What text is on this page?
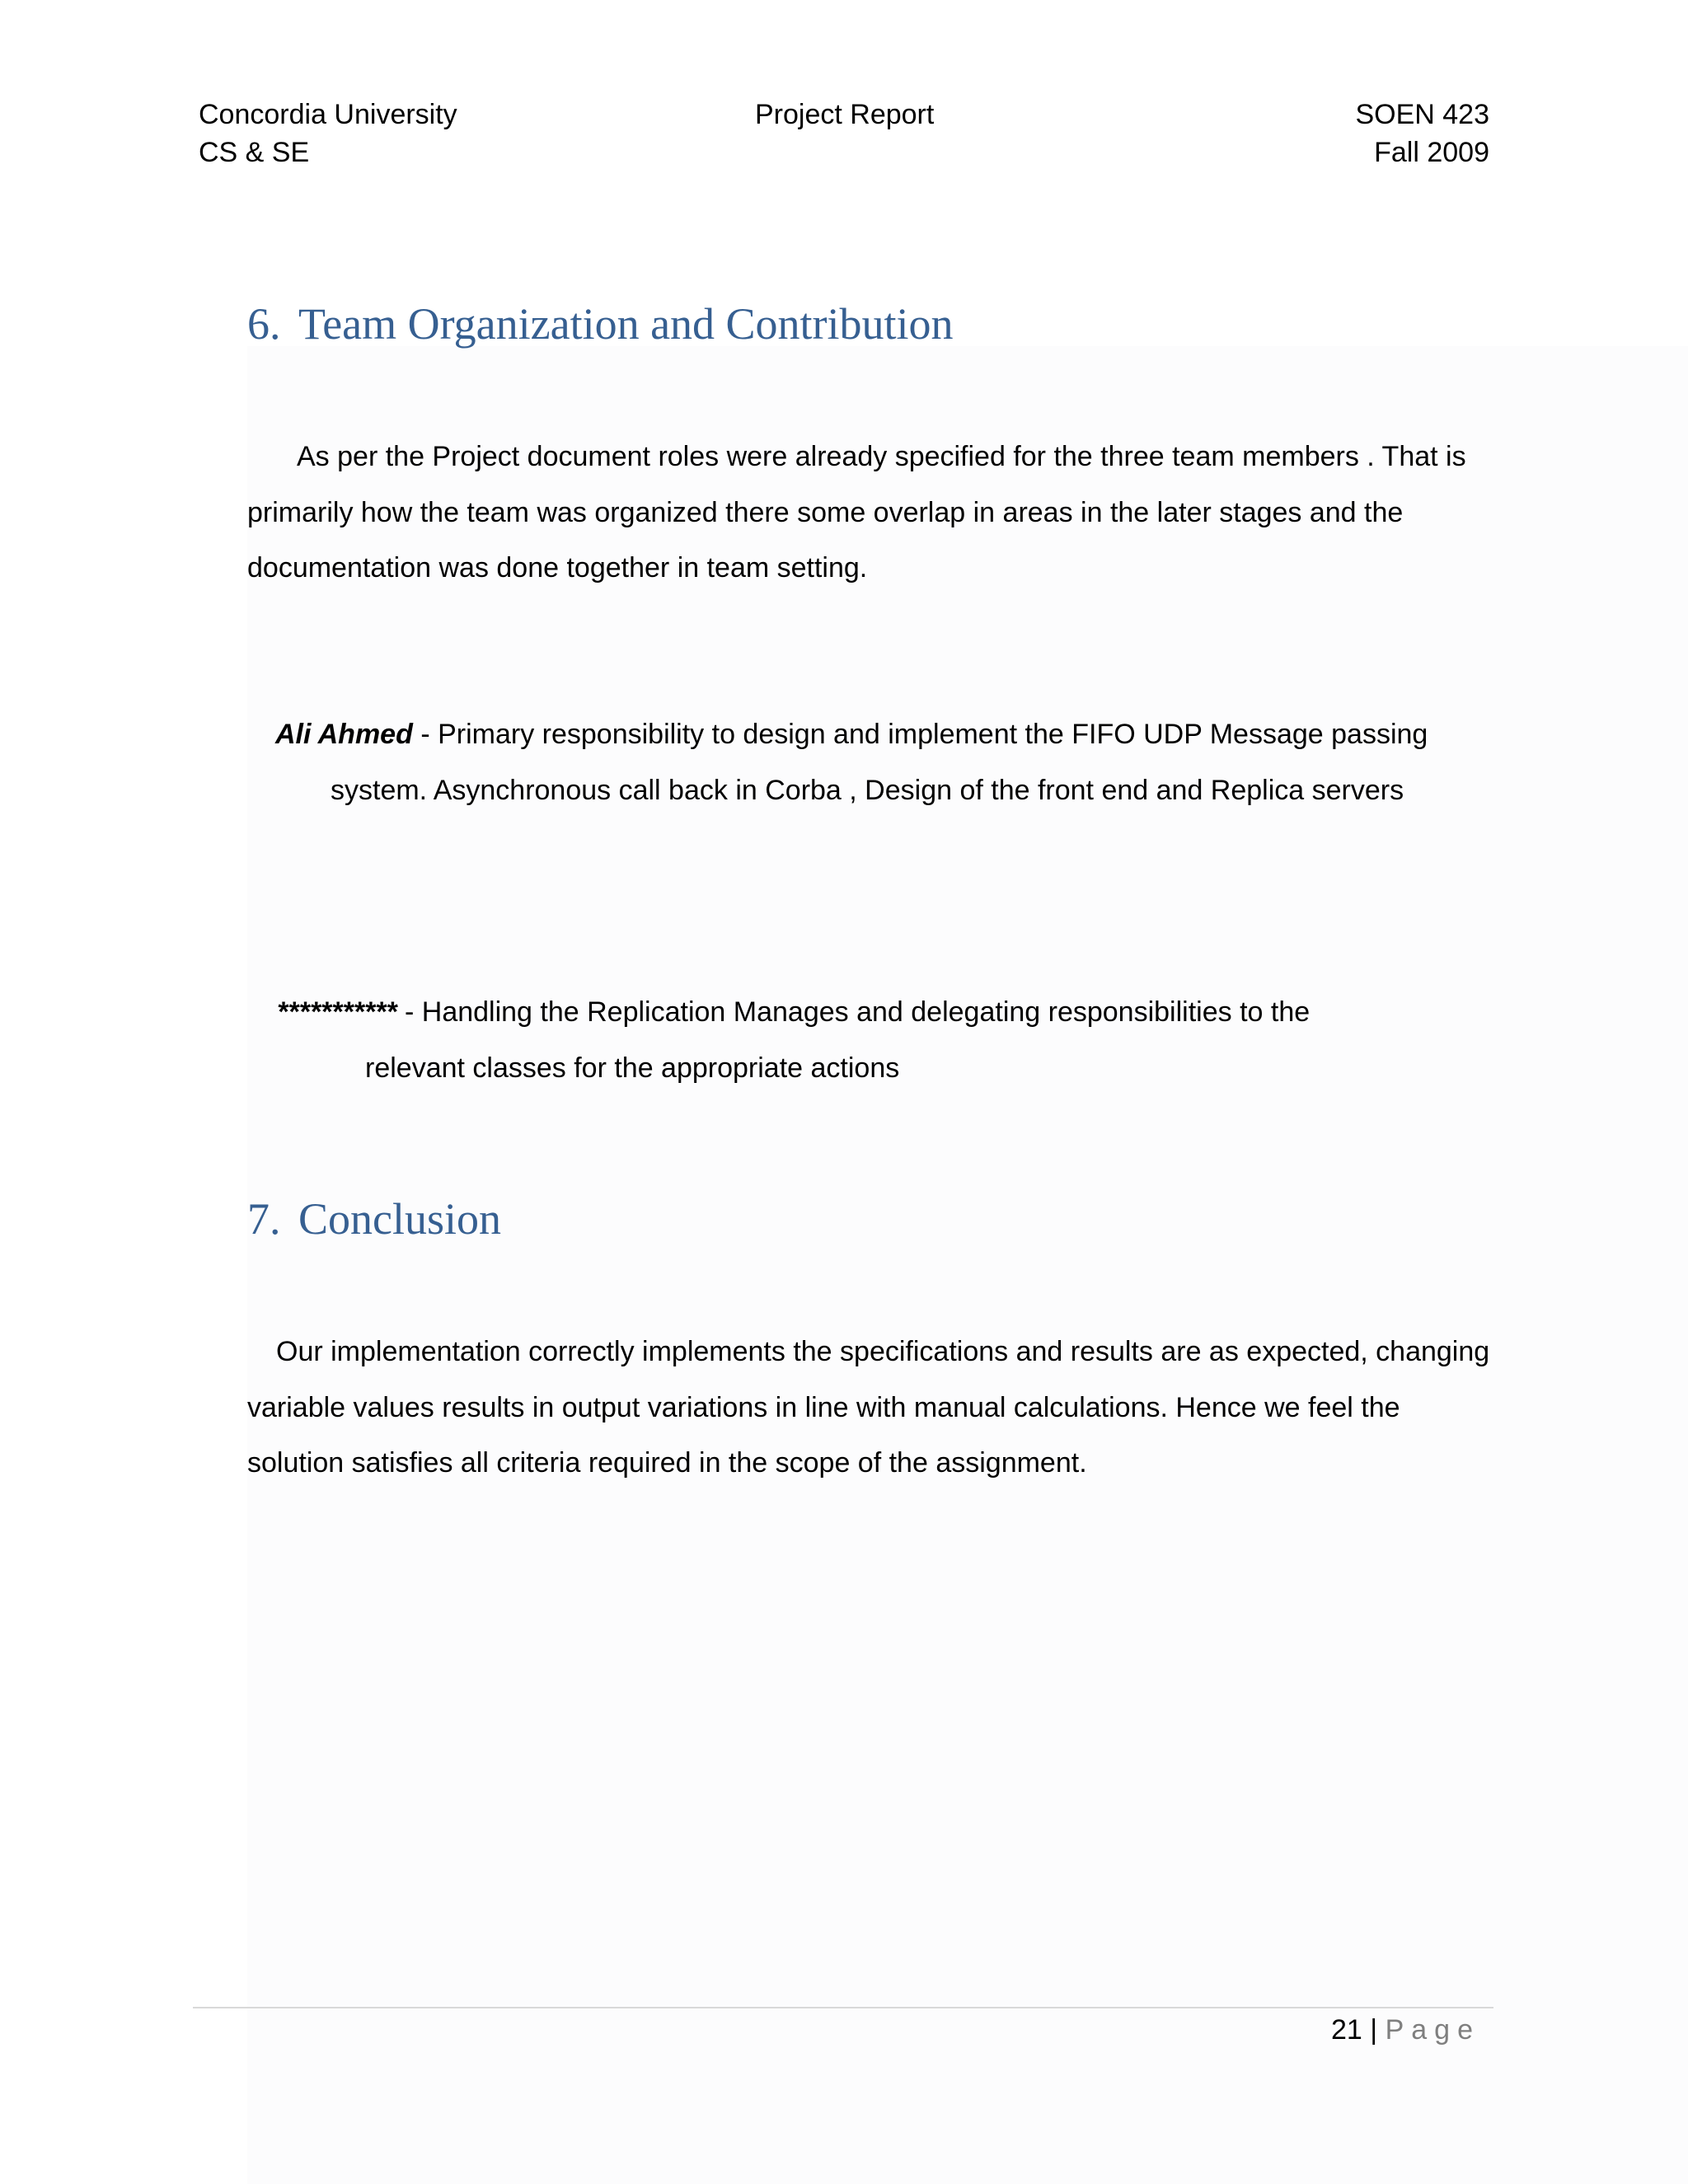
Concordia University
CS & SE
Project Report	SOEN 423
Fall 2009
6. Team Organization and Contribution
As per the Project document roles were already specified for the three team members . That is
primarily how the team was organized there some overlap in areas in the later stages and the
documentation was done together in team setting.
Ali Ahmed - Primary responsibility to design and implement the FIFO UDP Message passing
system. Asynchronous call back in Corba , Design of the front end and Replica servers
*********** - Handling the Replication Manages and delegating responsibilities to the
relevant classes for the appropriate actions
7. Conclusion
Our implementation correctly implements the specifications and results are as expected, changing
variable values results in output variations in line with manual calculations. Hence we feel the
solution satisfies all criteria required in the scope of the assignment.
21 | Page
